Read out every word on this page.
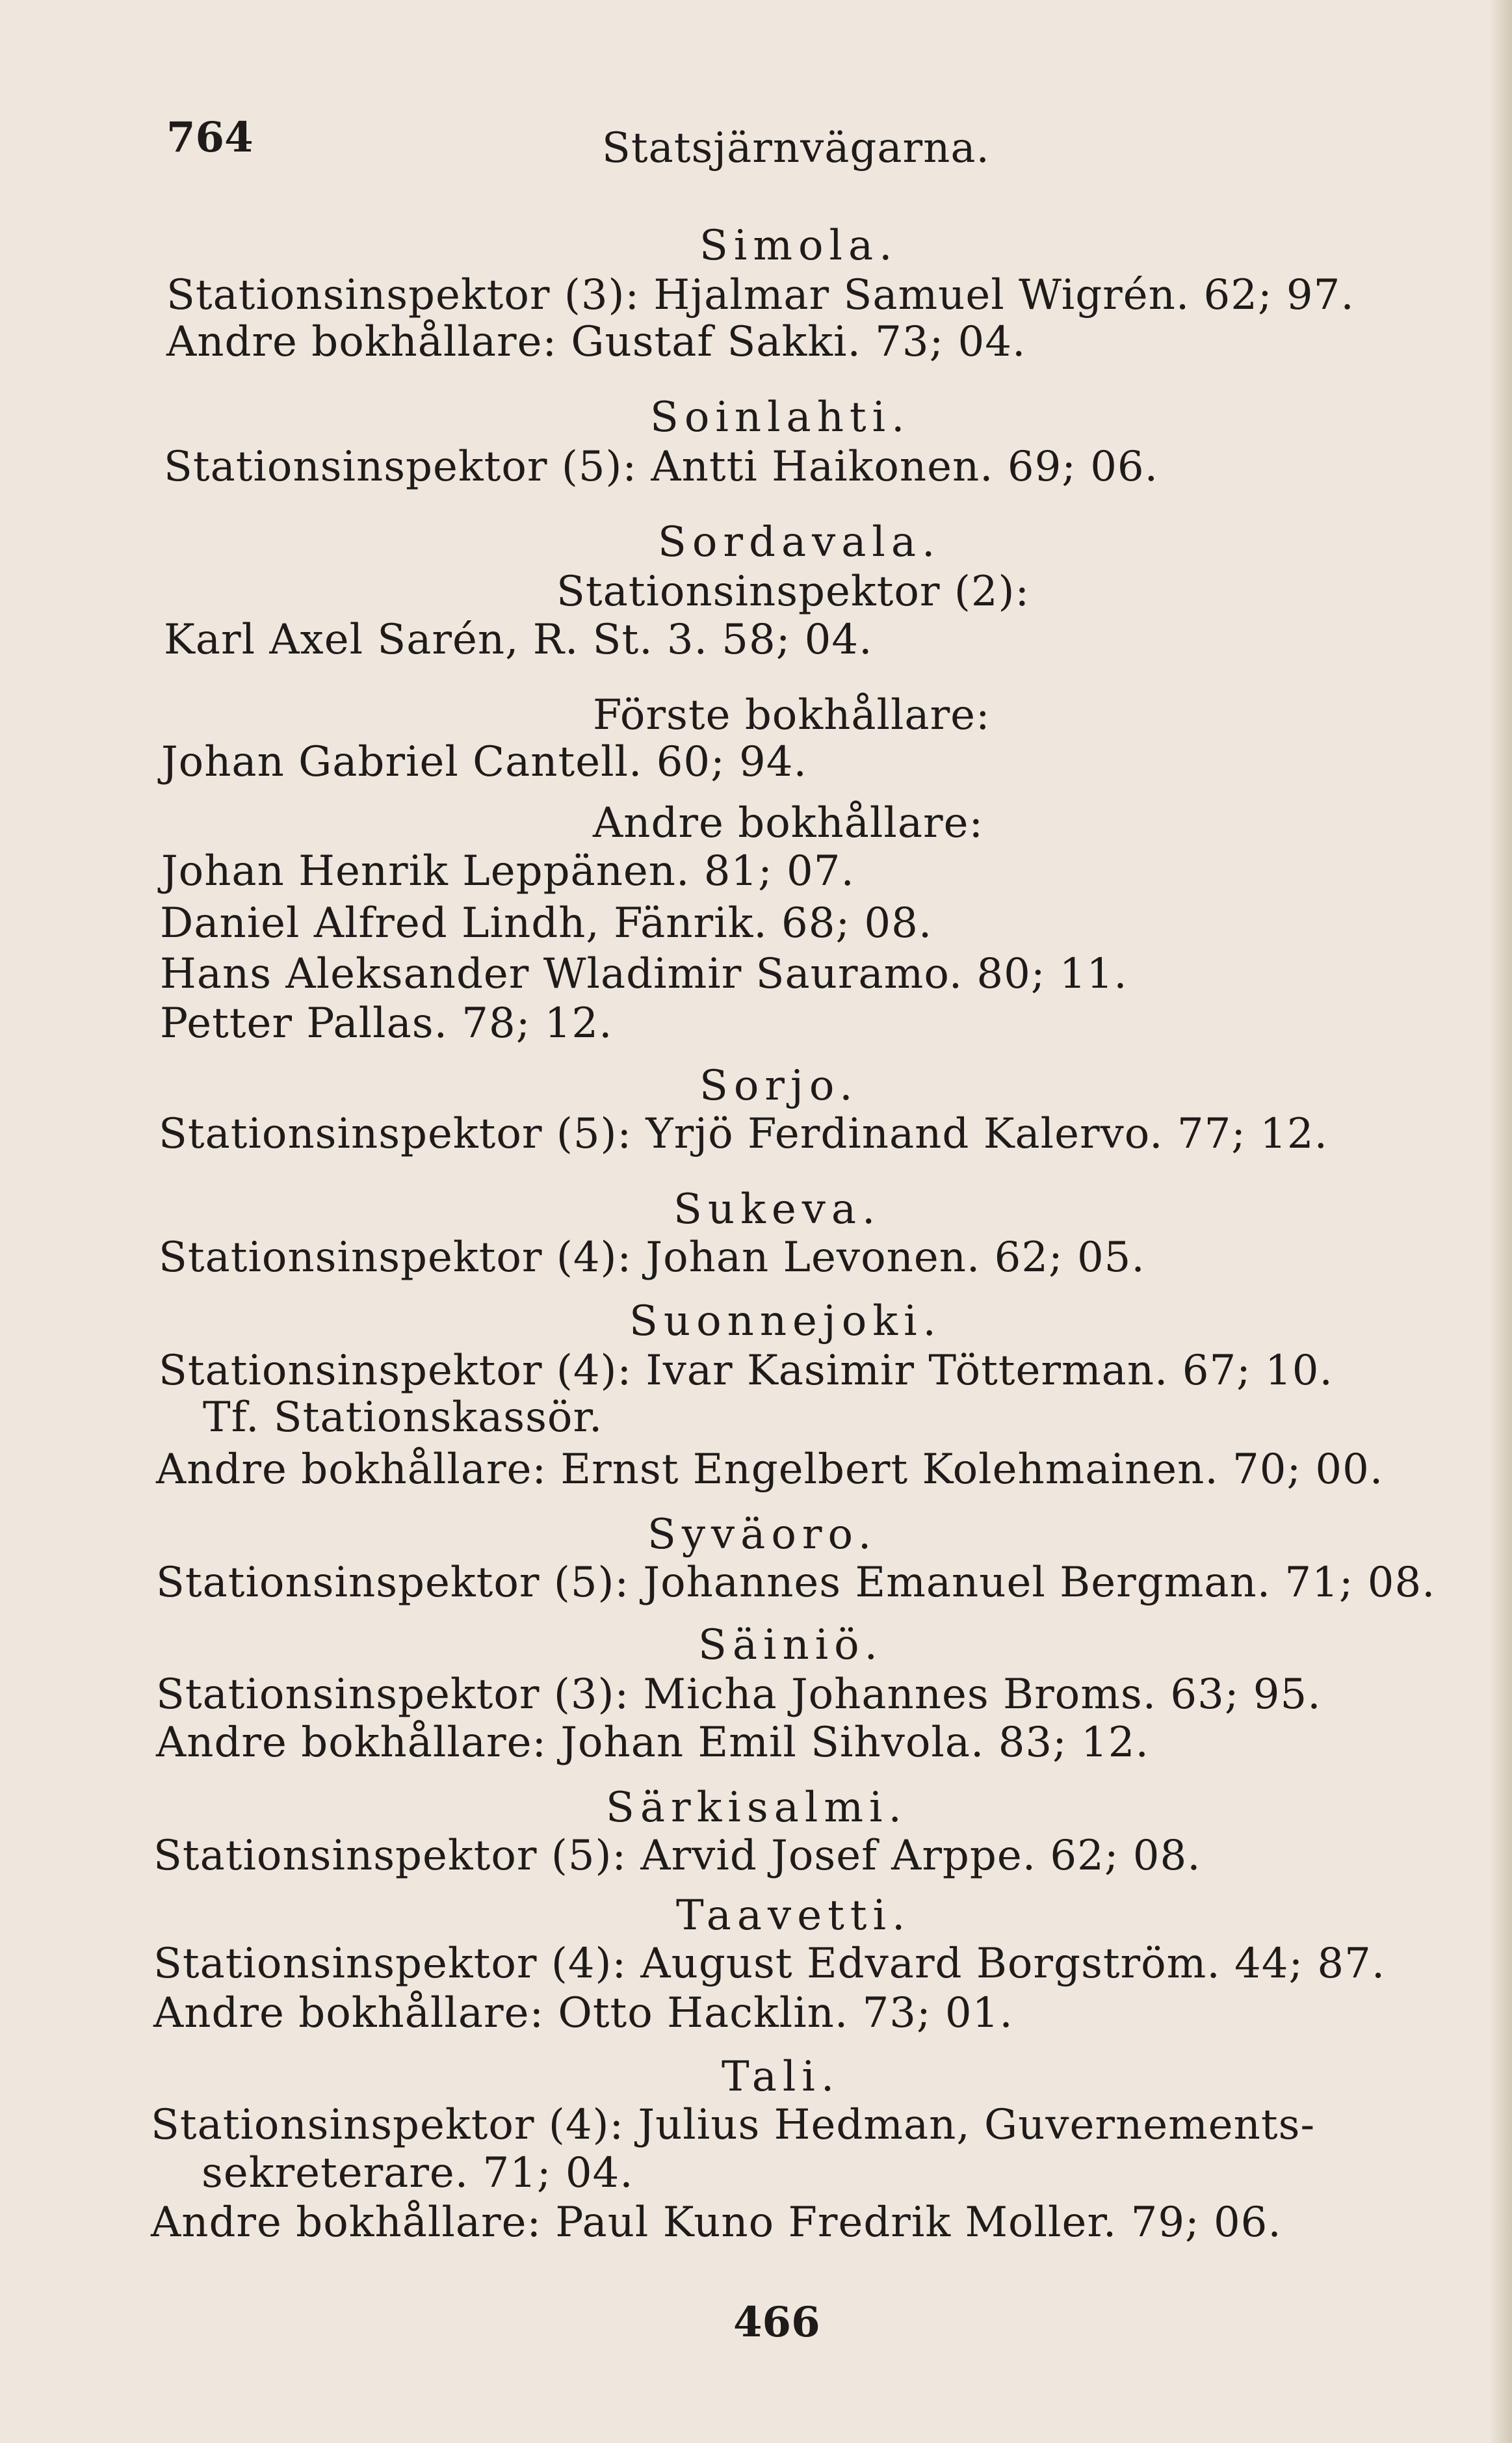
764	Statsjärnvägarna.
Simola.
Stationsinspektor (3): Hjalmar Samuel Wigrén. 62; 97.
Andre bokhållare: Gustaf Sakki. 73; 04.
Soinlahti.
Stationsinspektor (5): Antti Haikonen. 69; 06.
Sordavala.
Stationsinspektor (2):
Karl Axel Sarén, R. St. 3. 58; 04.
Förste bokhållare:
Johan Gabriel Cantell. 60; 94.
Andre bokhållare:
Johan Henrik Leppänen. 81; 07.
Daniel Alfred Lindh, Fänrik. 68; 08.
Hans Aleksander Wladimir Sauramo. 80; 11.
Petter Pallas. 78; 12.
Sorjo.
Stationsinspektor (5): Yrjö Ferdinand Kalervo. 77; 12.
Sukeva.
Stationsinspektor (4): Johan Levonen. 62; 05.
Suonnejoki.
Stationsinspektor (4): Ivar Kasimir Tötterman. 67; 10.
Tf. Stationskassör.
Andre bokhållare: Ernst Engelbert Kolehmainen. 70; 00.
Syväoro.
Stationsinspektor (5): Johannes Emanuel Bergman. 71; 08.
Säiniö.
Stationsinspektor (3): Micha Johannes Broms. 63; 95.
Andre bokhållare: Johan Emil Sihvola. 83; 12.
Särkisalmi.
Stationsinspektor (5): Arvid Josef Arppe. 62; 08.
Taavetti.
Stationsinspektor (4): August Edvard Borgström. 44; 87.
Andre bokhållare: Otto Hacklin. 73; 01.
Tali.
Stationsinspektor (4): Julius Hedman, Guvernements-
sekreterare. 71; 04.
Andre bokhållare: Paul Kuno Fredrik Moller. 79; 06.
466
